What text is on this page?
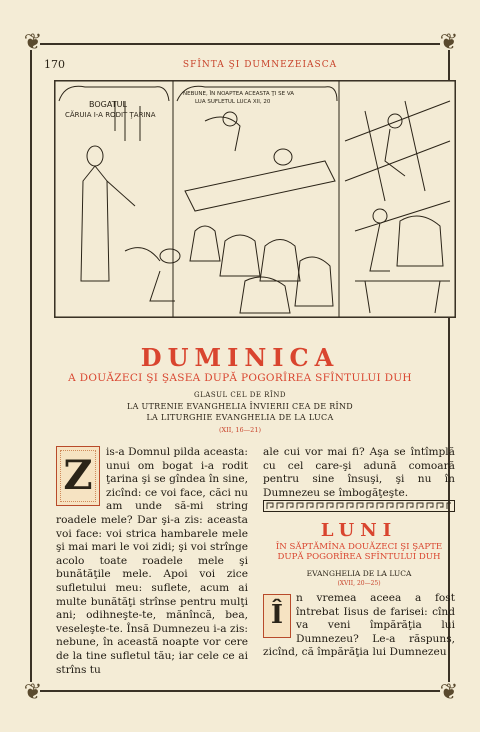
❦	❦
❦	❦
170	SFÎNTA ŞI DUMNEZEIASCA
BOGATUL
CĂRUIA I-A RODIT ŢARINA
NEBUNE, ÎN NOAPTEA ACEASTA ŢI SE VA
LUA SUFLETUL LUCA XII, 20
DUMINICA
A DOUĂZECI ŞI ŞASEA DUPĂ POGORÎREA SFÎNTULUI DUH
GLASUL CEL DE RÎND
LA UTRENIE EVANGHELIA ÎNVIERII CEA DE RÎND
LA LITURGHIE EVANGHELIA DE LA LUCA
(XII, 16—21)
Z	is-a Domnul pilda aceasta: unui om bogat i-a rodit ţarina şi se gîndea în sine, zicînd: ce voi face, căci nu am unde să-mi string roadele mele? Dar şi-a zis: aceasta voi face: voi strica hambarele mele şi mai mari le voi zidi; şi voi strînge acolo toate roadele mele şi bunătăţile mele. Apoi voi zice sufletului meu: suflete, acum ai multe bunătăţi strînse pentru mulţi ani; odihneşte-te, mănîncă, bea, veseleşte-te. Însă Dumnezeu i-a zis: nebune, în această noapte vor cere de la tine sufletul tău; iar cele ce ai strîns tu

ale cui vor mai fi? Aşa se întîmplă cu cel care-şi adună comoară pentru sine însuşi, şi nu în Dumnezeu se îmbogăţeşte.

LUNI
ÎN SĂPTĂMÎNA DOUĂZECI ŞI ŞAPTE DUPĂ POGORÎREA SFÎNTULUI DUH
EVANGHELIA DE LA LUCA
(XVII, 20—25)
Î

n vremea aceea a fost întrebat Iisus de farisei: cînd va veni împărăţia lui Dumnezeu? Le-a răspuns, zicînd, că împărăţia lui Dumnezeu
